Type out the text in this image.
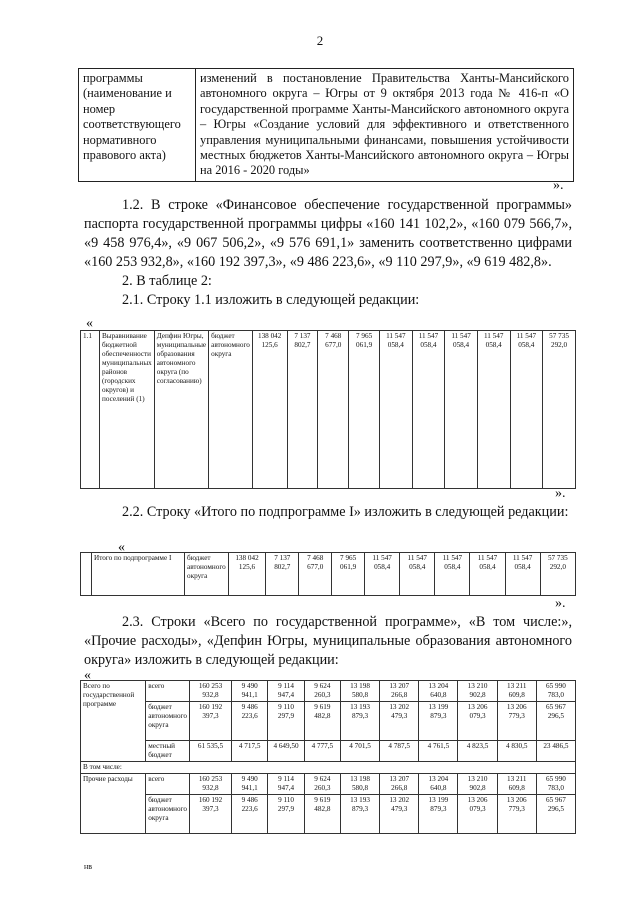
2
программы (наименование и номер соответствующего нормативного правового акта)	изменений в постановление Правительства Ханты-Мансийского автономного округа – Югры от 9 октября 2013 года № 416-п «О государственной программе Ханты-Мансийского автономного округа – Югры «Создание условий для эффективного и ответственного управления муниципальными финансами, повышения устойчивости местных бюджетов Ханты-Мансийского автономного округа – Югры на 2016 - 2020 годы»
».
1.2. В строке «Финансовое обеспечение государственной программы» паспорта государственной программы цифры «160 141 102,2», «160 079 566,7», «9 458 976,4», «9 067 506,2», «9 576 691,1» заменить соответственно цифрами «160 253 932,8», «160 192 397,3», «9 486 223,6», «9 110 297,9», «9 619 482,8».
2. В таблице 2:
2.1. Строку 1.1 изложить в следующей редакции:
«
1.1	Выравнивание бюджетной обеспеченности муниципальных районов (городских округов) и поселений (1)	Депфин Югры, муниципальные образования автономного округа (по согласованию)	бюджет автономного округа	138 042 125,6	7 137 802,7	7 468 677,0	7 965 061,9	11 547 058,4	11 547 058,4	11 547 058,4	11 547 058,4	11 547 058,4	57 735 292,0
».
2.2. Строку «Итого по подпрограмме I» изложить в следующей редакции:
«
	Итого по подпрограмме I	бюджет автономного округа	138 042 125,6	7 137 802,7	7 468 677,0	7 965 061,9	11 547 058,4	11 547 058,4	11 547 058,4	11 547 058,4	11 547 058,4	57 735 292,0
».
2.3. Строки «Всего по государственной программе», «В том числе:», «Прочие расходы», «Депфин Югры, муниципальные образования автономного округа» изложить в следующей редакции:
«
Всего по государственной программе	всего	160 253 932,8	9 490 941,1	9 114 947,4	9 624 260,3	13 198 580,8	13 207 266,8	13 204 640,8	13 210 902,8	13 211 609,8	65 990 783,0
	бюджет автономного округа	160 192 397,3	9 486 223,6	9 110 297,9	9 619 482,8	13 193 879,3	13 202 479,3	13 199 879,3	13 206 079,3	13 206 779,3	65 967 296,5
	местный бюджет	61 535,5	4 717,5	4 649,50	4 777,5	4 701,5	4 787,5	4 761,5	4 823,5	4 830,5	23 486,5
В том числе:											
Прочие расходы	всего	160 253 932,8	9 490 941,1	9 114 947,4	9 624 260,3	13 198 580,8	13 207 266,8	13 204 640,8	13 210 902,8	13 211 609,8	65 990 783,0
	бюджет автономного округа	160 192 397,3	9 486 223,6	9 110 297,9	9 619 482,8	13 193 879,3	13 202 479,3	13 199 879,3	13 206 079,3	13 206 779,3	65 967 296,5
нв
